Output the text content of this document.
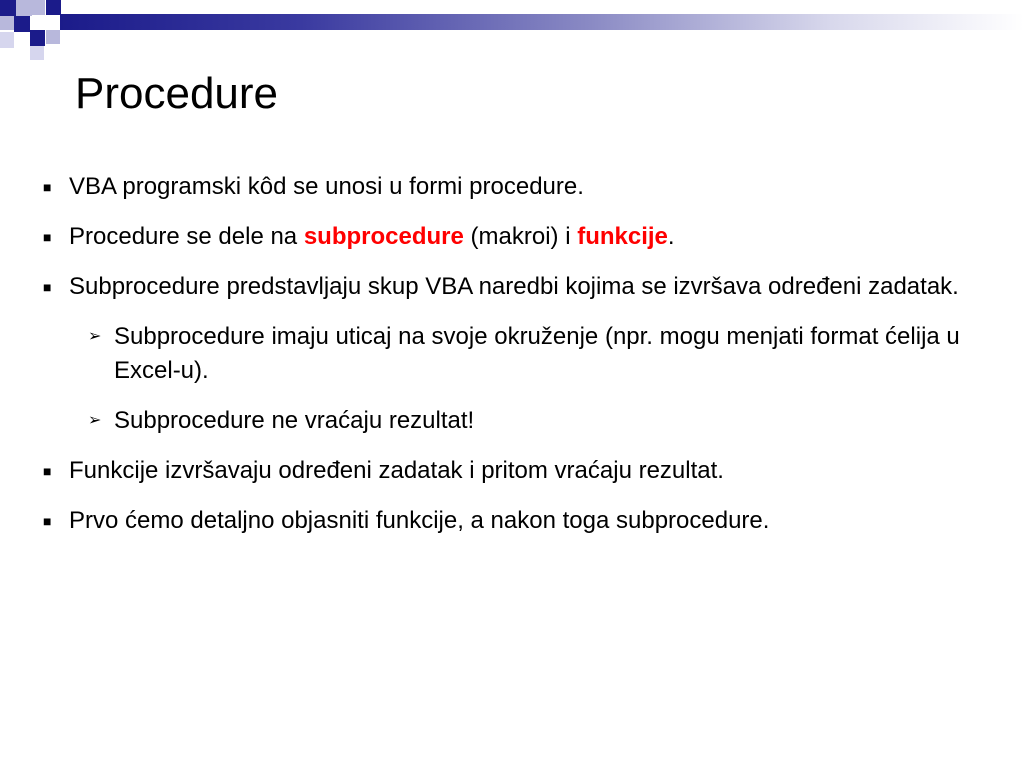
Procedure
■ VBA programski kôd se unosi u formi procedure.
■ Procedure se dele na subprocedure (makroi) i funkcije.
■ Subprocedure predstavljaju skup VBA naredbi kojima se izvršava određeni zadatak.
➢ Subprocedure imaju uticaj na svoje okruženje (npr. mogu menjati format ćelija u Excel-u).
➢ Subprocedure ne vraćaju rezultat!
■ Funkcije izvršavaju određeni zadatak i pritom vraćaju rezultat.
■ Prvo ćemo detaljno objasniti funkcije, a nakon toga subprocedure.
